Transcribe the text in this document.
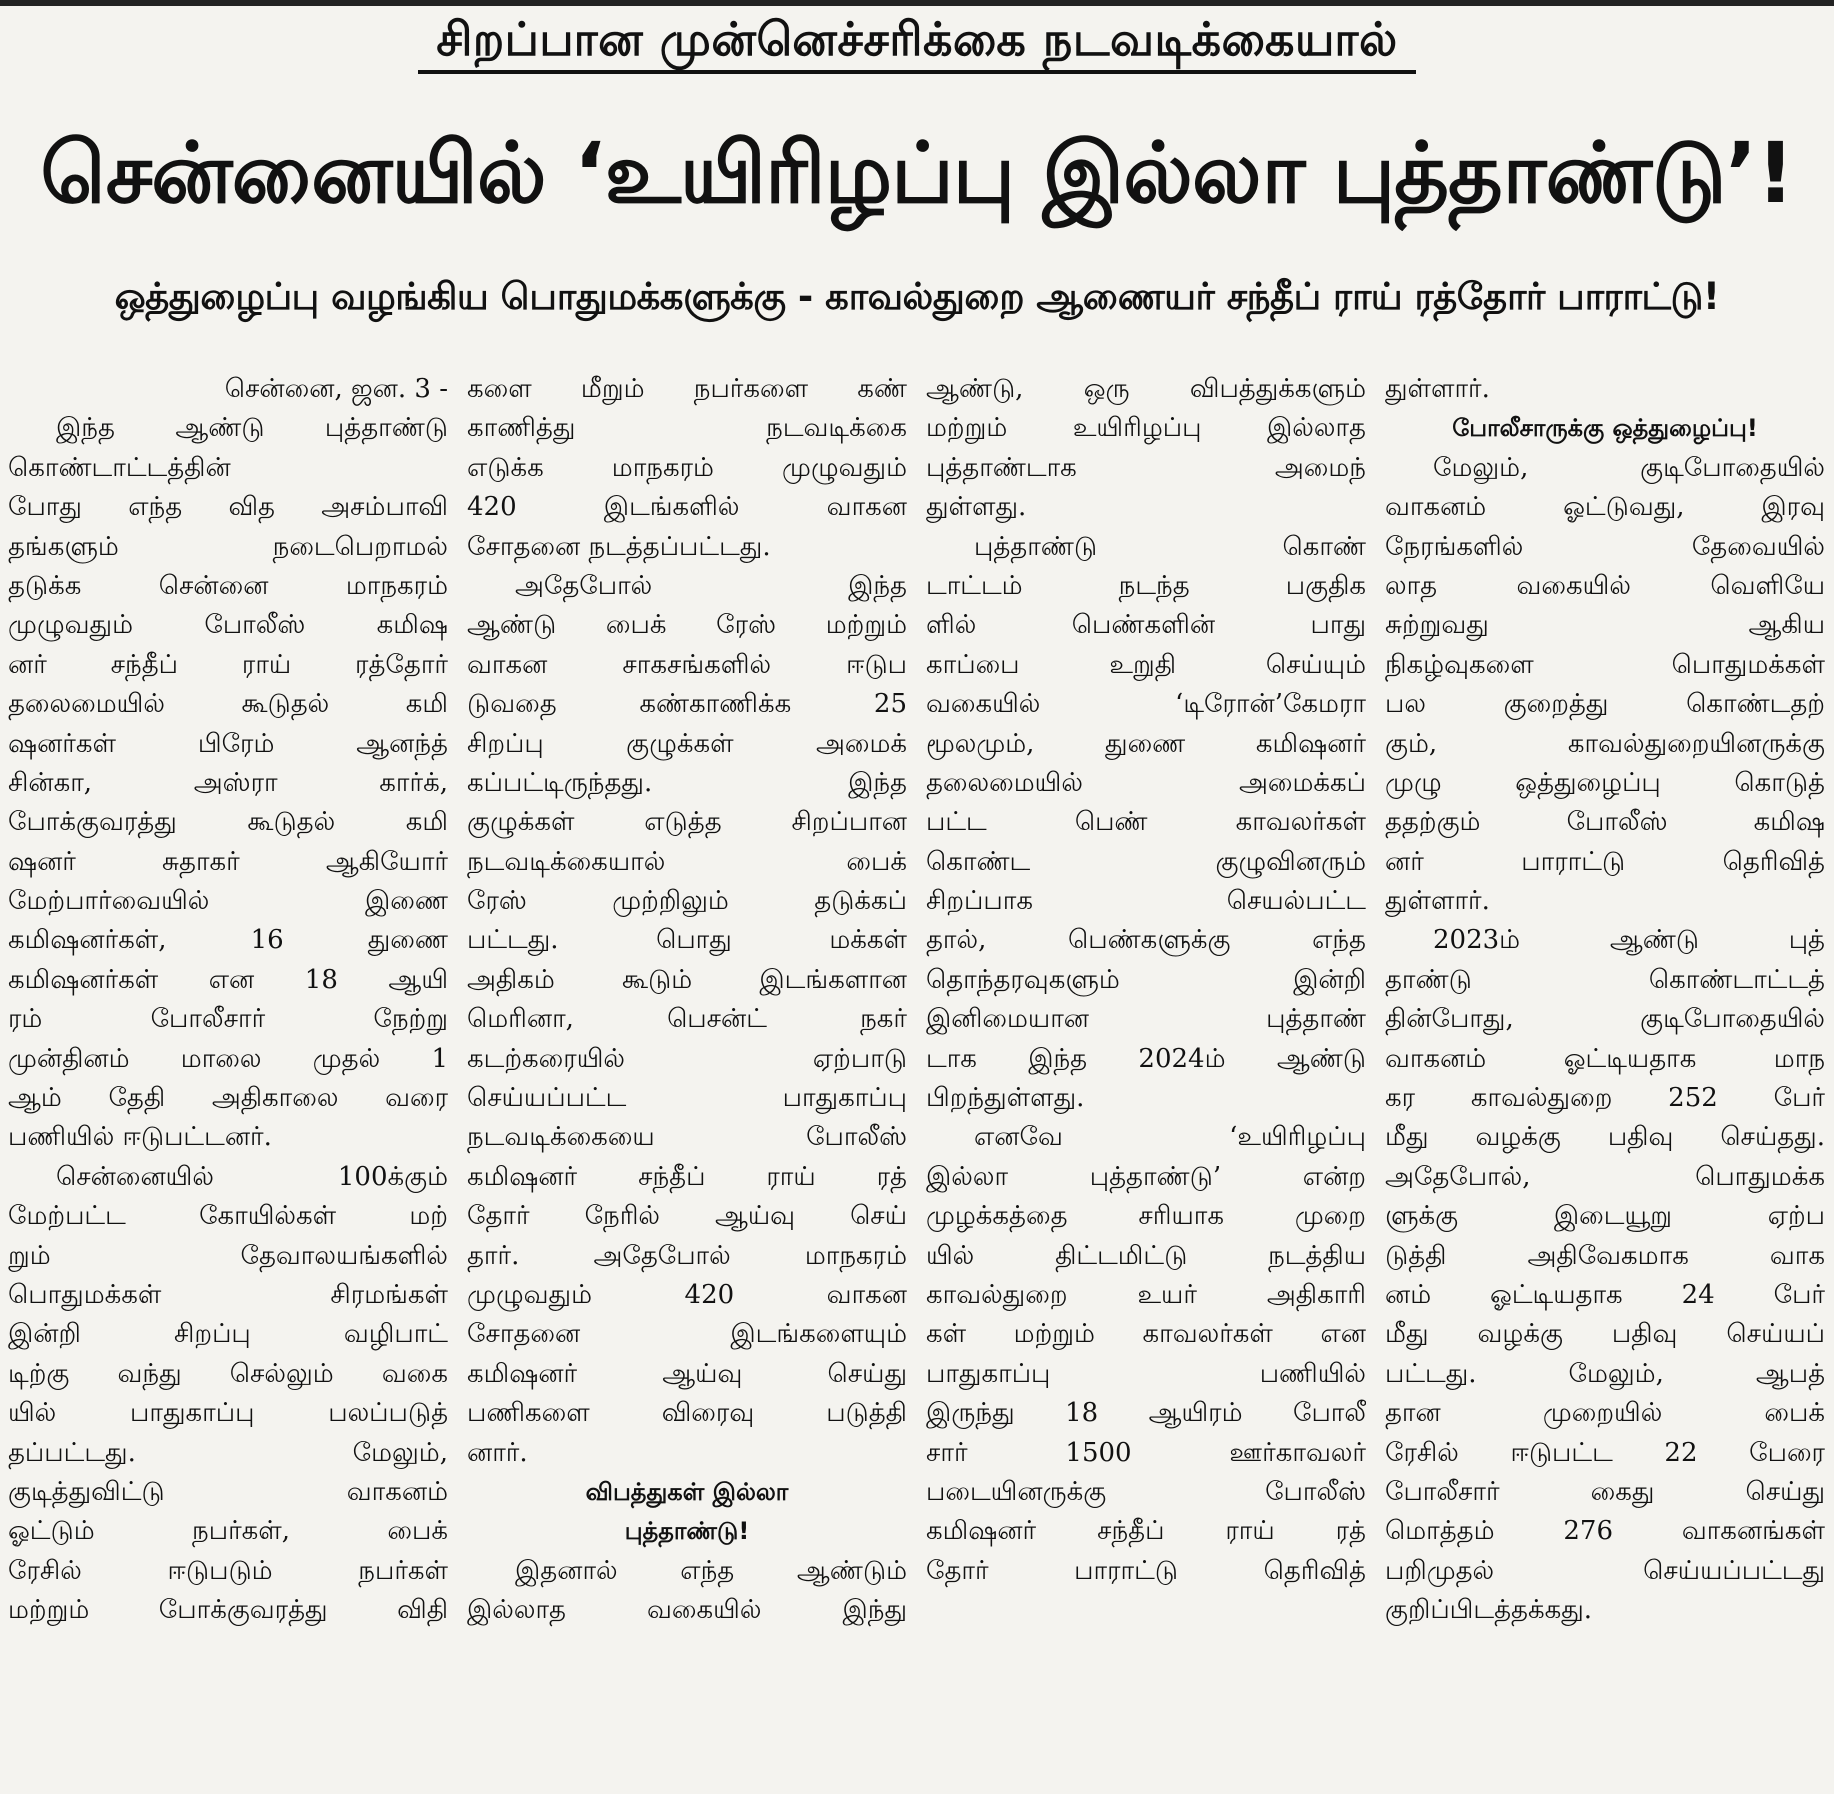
சிறப்பான முன்னெச்சரிக்கை நடவடிக்கையால்
சென்னையில் ‘உயிரிழப்பு இல்லா புத்தாண்டு’!
ஒத்துழைப்பு வழங்கிய பொதுமக்களுக்கு - காவல்துறை ஆணையர் சந்தீப் ராய் ரத்தோர் பாராட்டு!
சென்னை, ஜன. 3 -
இந்த ஆண்டு புத்தாண்டு
கொண்டாட்டத்தின்
போது எந்த வித அசம்பாவி
தங்களும் நடைபெறாமல்
தடுக்க சென்னை மாநகரம்
முழுவதும் போலீஸ் கமிஷ
னர் சந்தீப் ராய் ரத்தோர்
தலைமையில் கூடுதல் கமி
ஷனர்கள் பிரேம் ஆனந்த்
சின்கா, அஸ்ரா கார்க்,
போக்குவரத்து கூடுதல் கமி
ஷனர் சுதாகர் ஆகியோர்
மேற்பார்வையில் இணை
கமிஷனர்கள், 16 துணை
கமிஷனர்கள் என 18 ஆயி
ரம் போலீசார் நேற்று
முன்தினம் மாலை முதல் 1
ஆம் தேதி அதிகாலை வரை
பணியில் ஈடுபட்டனர்.
சென்னையில் 100க்கும்
மேற்பட்ட கோயில்கள் மற்
றும் தேவாலயங்களில்
பொதுமக்கள் சிரமங்கள்
இன்றி சிறப்பு வழிபாட்
டிற்கு வந்து செல்லும் வகை
யில் பாதுகாப்பு பலப்படுத்
தப்பட்டது. மேலும்,
குடித்துவிட்டு வாகனம்
ஓட்டும் நபர்கள், பைக்
ரேசில் ஈடுபடும் நபர்கள்
மற்றும் போக்குவரத்து விதி
களை மீறும் நபர்களை கண்
காணித்து நடவடிக்கை
எடுக்க மாநகரம் முழுவதும்
420 இடங்களில் வாகன
சோதனை நடத்தப்பட்டது.
அதேபோல் இந்த
ஆண்டு பைக் ரேஸ் மற்றும்
வாகன சாகசங்களில் ஈடுப
டுவதை கண்காணிக்க 25
சிறப்பு குழுக்கள் அமைக்
கப்பட்டிருந்தது. இந்த
குழுக்கள் எடுத்த சிறப்பான
நடவடிக்கையால் பைக்
ரேஸ் முற்றிலும் தடுக்கப்
பட்டது. பொது மக்கள்
அதிகம் கூடும் இடங்களான
மெரினா, பெசன்ட் நகர்
கடற்கரையில் ஏற்பாடு
செய்யப்பட்ட பாதுகாப்பு
நடவடிக்கையை போலீஸ்
கமிஷனர் சந்தீப் ராய் ரத்
தோர் நேரில் ஆய்வு செய்
தார். அதேபோல் மாநகரம்
முழுவதும் 420 வாகன
சோதனை இடங்களையும்
கமிஷனர் ஆய்வு செய்து
பணிகளை விரைவு படுத்தி
னார்.
விபத்துகள் இல்லா
புத்தாண்டு!
இதனால் எந்த ஆண்டும்
இல்லாத வகையில் இந்து
ஆண்டு, ஒரு விபத்துக்களும்
மற்றும் உயிரிழப்பு இல்லாத
புத்தாண்டாக அமைந்
துள்ளது.
புத்தாண்டு கொண்
டாட்டம் நடந்த பகுதிக
ளில் பெண்களின் பாது
காப்பை உறுதி செய்யும்
வகையில் ‘டிரோன்’கேமரா
மூலமும், துணை கமிஷனர்
தலைமையில் அமைக்கப்
பட்ட பெண் காவலர்கள்
கொண்ட குழுவினரும்
சிறப்பாக செயல்பட்ட
தால், பெண்களுக்கு எந்த
தொந்தரவுகளும் இன்றி
இனிமையான புத்தாண்
டாக இந்த 2024ம் ஆண்டு
பிறந்துள்ளது.
எனவே ‘உயிரிழப்பு
இல்லா புத்தாண்டு’ என்ற
முழக்கத்தை சரியாக முறை
யில் திட்டமிட்டு நடத்திய
காவல்துறை உயர் அதிகாரி
கள் மற்றும் காவலர்கள் என
பாதுகாப்பு பணியில்
இருந்து 18 ஆயிரம் போலீ
சார் 1500 ஊர்காவலர்
படையினருக்கு போலீஸ்
கமிஷனர் சந்தீப் ராய் ரத்
தோர் பாராட்டு தெரிவித்
துள்ளார்.
போலீசாருக்கு ஒத்துழைப்பு!
மேலும், குடிபோதையில்
வாகனம் ஓட்டுவது, இரவு
நேரங்களில் தேவையில்
லாத வகையில் வெளியே
சுற்றுவது ஆகிய
நிகழ்வுகளை பொதுமக்கள்
பல குறைத்து கொண்டதற்
கும், காவல்துறையினருக்கு
முழு ஒத்துழைப்பு கொடுத்
ததற்கும் போலீஸ் கமிஷ
னர் பாராட்டு தெரிவித்
துள்ளார்.
2023ம் ஆண்டு புத்
தாண்டு கொண்டாட்டத்
தின்போது, குடிபோதையில்
வாகனம் ஓட்டியதாக மாந
கர காவல்துறை 252 பேர்
மீது வழக்கு பதிவு செய்தது.
அதேபோல், பொதுமக்க
ளுக்கு இடையூறு ஏற்ப
டுத்தி அதிவேகமாக வாக
னம் ஓட்டியதாக 24 பேர்
மீது வழக்கு பதிவு செய்யப்
பட்டது. மேலும், ஆபத்
தான முறையில் பைக்
ரேசில் ஈடுபட்ட 22 பேரை
போலீசார் கைது செய்து
மொத்தம் 276 வாகனங்கள்
பறிமுதல் செய்யப்பட்டது
குறிப்பிடத்தக்கது.
